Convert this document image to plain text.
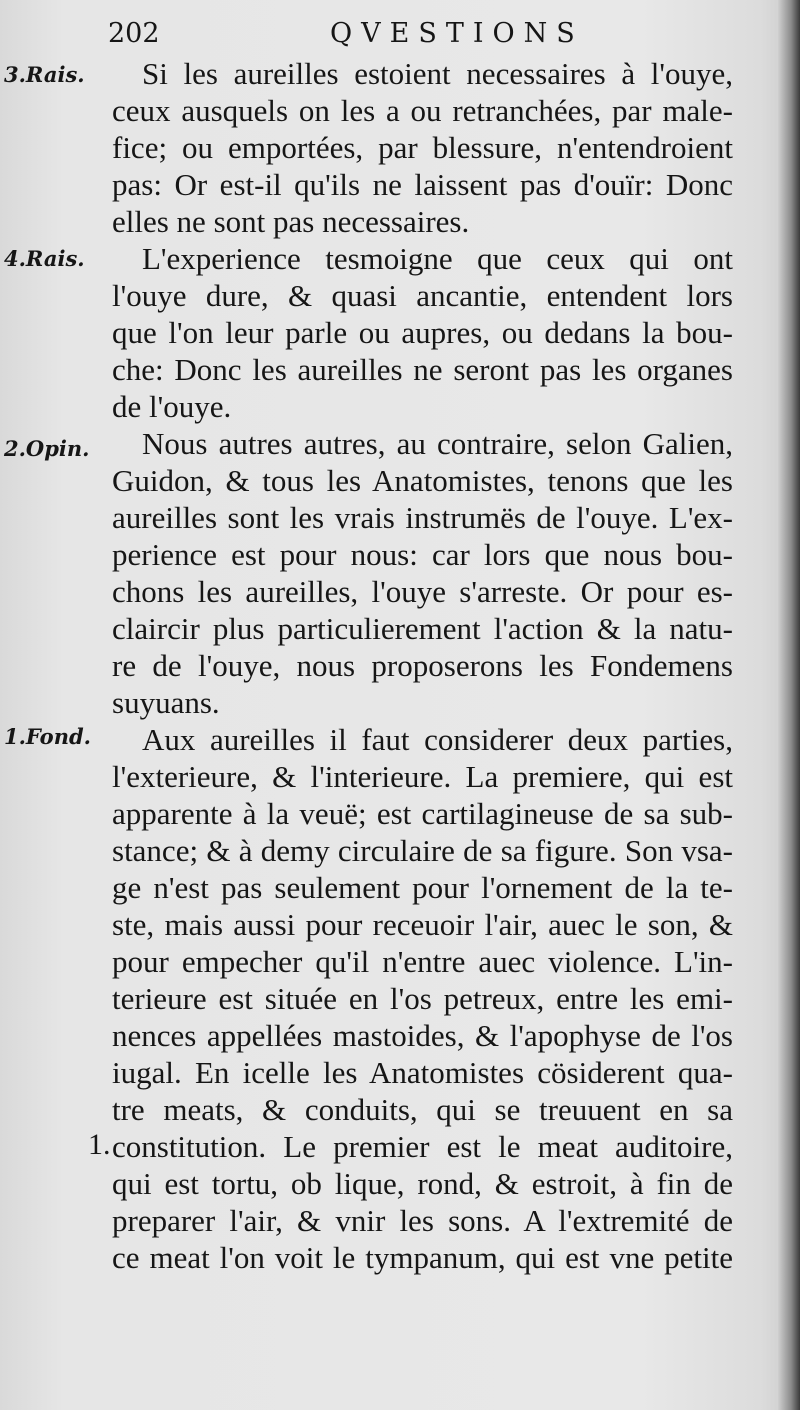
202	QVESTIONS
3.Rais.
4.Rais.
2.Opin.
1.Fond.
Si les aureilles estoient necessaires à l'ouye,
ceux ausquels on les a ou retranchées, par male-
fice; ou emportées, par blessure, n'entendroient
pas: Or est-il qu'ils ne laissent pas d'ouïr: Donc
elles ne sont pas necessaires.
L'experience tesmoigne que ceux qui ont
l'ouye dure, & quasi ancantie, entendent lors
que l'on leur parle ou aupres, ou dedans la bou-
che: Donc les aureilles ne seront pas les organes
de l'ouye.
Nous autres autres, au contraire, selon Galien,
Guidon, & tous les Anatomistes, tenons que les
aureilles sont les vrais instrumës de l'ouye. L'ex-
perience est pour nous: car lors que nous bou-
chons les aureilles, l'ouye s'arreste. Or pour es-
claircir plus particulierement l'action & la natu-
re de l'ouye, nous proposerons les Fondemens
suyuans.
Aux aureilles il faut considerer deux parties,
l'exterieure, & l'interieure. La premiere, qui est
apparente à la veuë; est cartilagineuse de sa sub-
stance; & à demy circulaire de sa figure. Son vsa-
ge n'est pas seulement pour l'ornement de la te-
ste, mais aussi pour receuoir l'air, auec le son, &
pour empecher qu'il n'entre auec violence. L'in-
terieure est située en l'os petreux, entre les emi-
nences appellées mastoides, & l'apophyse de l'os
iugal. En icelle les Anatomistes cösiderent qua-
tre meats, & conduits, qui se treuuent en sa
1. constitution. Le premier est le meat auditoire,
qui est tortu, ob lique, rond, & estroit, à fin de
preparer l'air, & vnir les sons. A l'extremité de
ce meat l'on voit le tympanum, qui est vne petite
